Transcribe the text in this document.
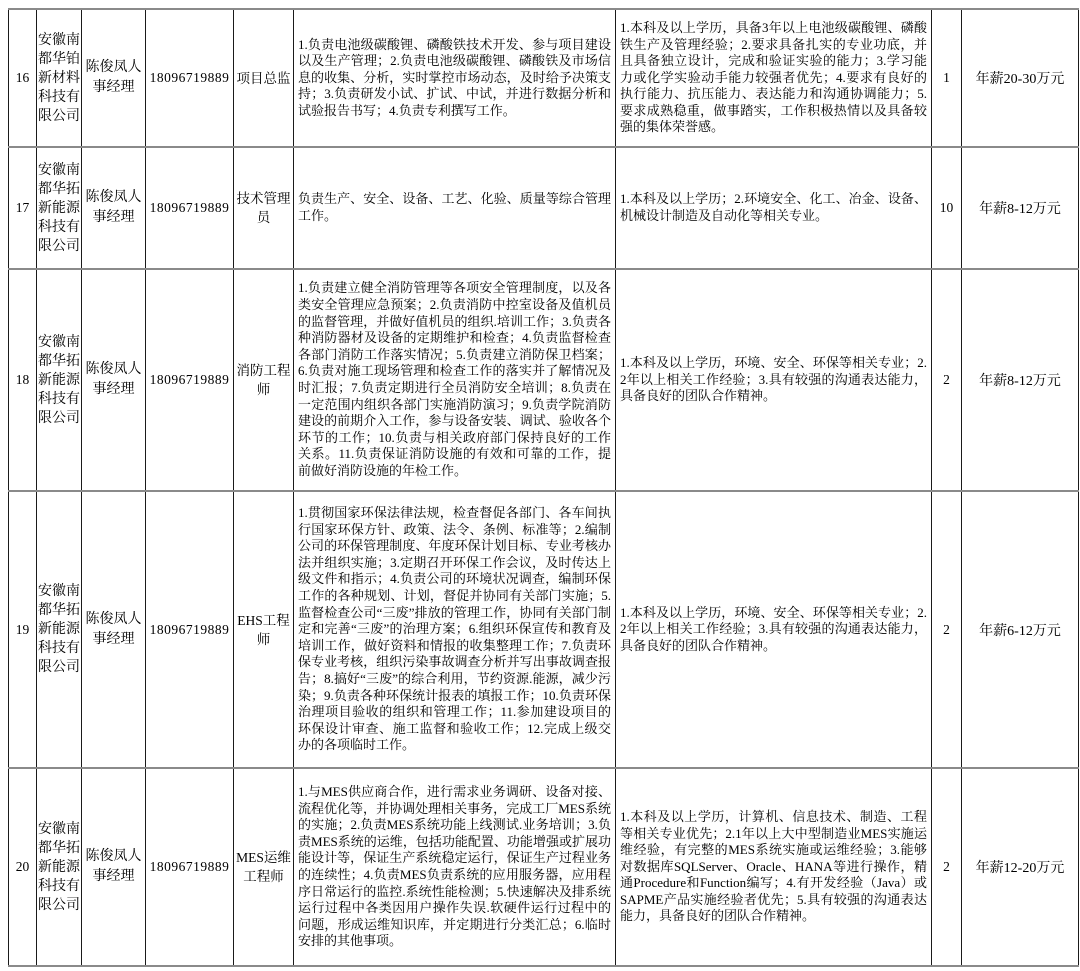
16	安徽南都华铂新材料科技有限公司	陈俊凤人事经理	18096719889	项目总监	1.负责电池级碳酸锂、磷酸铁技术开发、参与项目建设以及生产管理；2.负责电池级碳酸锂、磷酸铁及市场信息的收集、分析，实时掌控市场动态，及时给予决策支持；3.负责研发小试、扩试、中试，并进行数据分析和试验报告书写；4.负责专利撰写工作。	1.本科及以上学历，具备3年以上电池级碳酸锂、磷酸铁生产及管理经验；2.要求具备扎实的专业功底，并且具备独立设计，完成和验证实验的能力；3.学习能力或化学实验动手能力较强者优先；4.要求有良好的执行能力、抗压能力、表达能力和沟通协调能力；5.要求成熟稳重，做事踏实，工作积极热情以及具备较强的集体荣誉感。	1	年薪20-30万元
17	安徽南都华拓新能源科技有限公司	陈俊凤人事经理	18096719889	技术管理员	负责生产、安全、设备、工艺、化验、质量等综合管理工作。	1.本科及以上学历；2.环境安全、化工、冶金、设备、机械设计制造及自动化等相关专业。	10	年薪8-12万元
18	安徽南都华拓新能源科技有限公司	陈俊凤人事经理	18096719889	消防工程师	1.负责建立健全消防管理等各项安全管理制度，以及各类安全管理应急预案；2.负责消防中控室设备及值机员的监督管理，并做好值机员的组织.培训工作；3.负责各种消防器材及设备的定期维护和检查；4.负责监督检查各部门消防工作落实情况；5.负责建立消防保卫档案；6.负责对施工现场管理和检查工作的落实并了解情况及时汇报；7.负责定期进行全员消防安全培训；8.负责在一定范围内组织各部门实施消防演习；9.负责学院消防建设的前期介入工作，参与设备安装、调试、验收各个环节的工作；10.负责与相关政府部门保持良好的工作关系。11.负责保证消防设施的有效和可靠的工作，提前做好消防设施的年检工作。	1.本科及以上学历，环境、安全、环保等相关专业；2.2年以上相关工作经验；3.具有较强的沟通表达能力，具备良好的团队合作精神。	2	年薪8-12万元
19	安徽南都华拓新能源科技有限公司	陈俊凤人事经理	18096719889	EHS工程师	1.贯彻国家环保法律法规，检查督促各部门、各车间执行国家环保方针、政策、法令、条例、标准等；2.编制公司的环保管理制度、年度环保计划目标、专业考核办法并组织实施；3.定期召开环保工作会议，及时传达上级文件和指示；4.负责公司的环境状况调查，编制环保工作的各种规划、计划，督促并协同有关部门实施；5.监督检查公司“三废”排放的管理工作，协同有关部门制定和完善“三废”的治理方案；6.组织环保宣传和教育及培训工作，做好资料和情报的收集整理工作；7.负责环保专业考核，组织污染事故调查分析并写出事故调查报告；8.搞好“三废”的综合利用，节约资源.能源，减少污染；9.负责各种环保统计报表的填报工作；10.负责环保治理项目验收的组织和管理工作；11.参加建设项目的环保设计审查、施工监督和验收工作；12.完成上级交办的各项临时工作。	1.本科及以上学历，环境、安全、环保等相关专业；2.2年以上相关工作经验；3.具有较强的沟通表达能力，具备良好的团队合作精神。	2	年薪6-12万元
20	安徽南都华拓新能源科技有限公司	陈俊凤人事经理	18096719889	MES运维工程师	1.与MES供应商合作，进行需求业务调研、设备对接、流程优化等，并协调处理相关事务，完成工厂MES系统的实施；2.负责MES系统功能上线测试.业务培训；3.负责MES系统的运维，包括功能配置、功能增强或扩展功能设计等，保证生产系统稳定运行，保证生产过程业务的连续性；4.负责MES负责系统的应用服务器，应用程序日常运行的监控.系统性能检测；5.快速解决及排系统运行过程中各类因用户操作失误.软硬件运行过程中的问题，形成运维知识库，并定期进行分类汇总；6.临时安排的其他事项。	1.本科及以上学历，计算机、信息技术、制造、工程等相关专业优先；2.1年以上大中型制造业MES实施运维经验，有完整的MES系统实施或运维经验；3.能够对数据库SQLServer、Oracle、HANA等进行操作，精通Procedure和Function编写；4.有开发经验（Java）或SAPME产品实施经验者优先；5.具有较强的沟通表达能力，具备良好的团队合作精神。	2	年薪12-20万元
